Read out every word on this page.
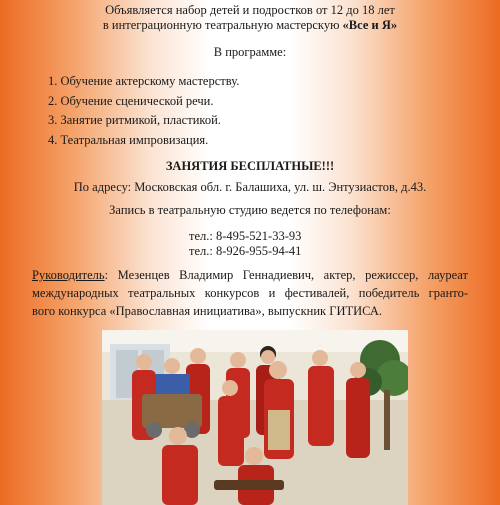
Объявляется набор детей и подростков от 12 до 18 лет
в интеграционную театральную мастерскую «Все и Я»
В программе:
1. Обучение актерскому мастерству.
2. Обучение сценической речи.
3. Занятие ритмикой, пластикой.
4. Театральная импровизация.
ЗАНЯТИЯ БЕСПЛАТНЫЕ!!!
По адресу: Московская обл. г. Балашиха, ул. ш. Энтузиастов, д.43.
Запись в театральную студию ведется по телефонам:
тел.: 8-495-521-33-93
тел.: 8-926-955-94-41
Руководитель: Мезенцев Владимир Геннадиевич, актер, режиссер, лауреат
международных театральных конкурсов и фестивалей, победитель гранто-
вого конкурса «Православная инициатива», выпускник ГИТИСА.
